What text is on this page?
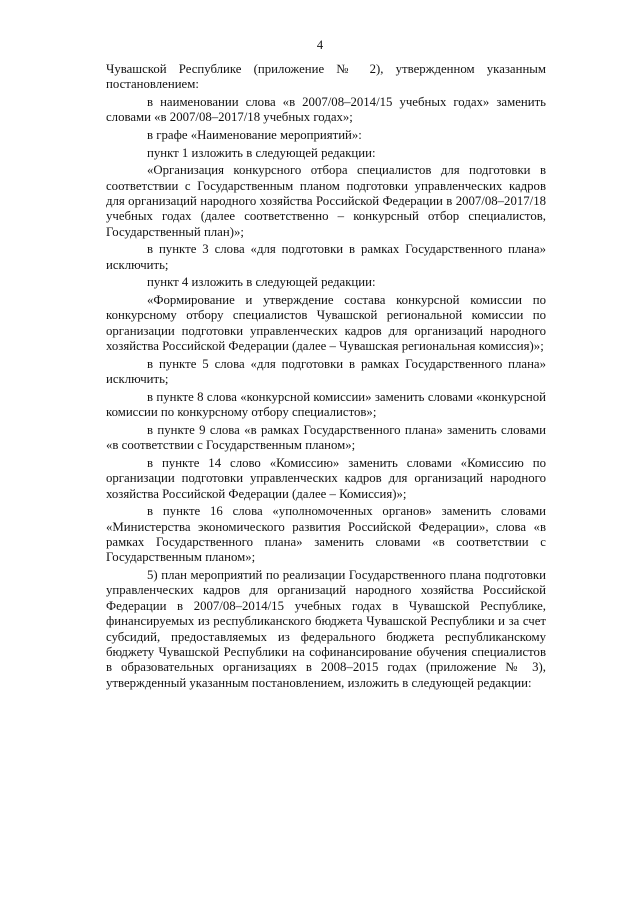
4

Чувашской Республике (приложение № 2), утвержденном указанным постановлением:

в наименовании слова «в 2007/08–2014/15 учебных годах» заменить словами «в 2007/08–2017/18 учебных годах»;

в графе «Наименование мероприятий»:

пункт 1 изложить в следующей редакции:

«Организация конкурсного отбора специалистов для подготовки в соответствии с Государственным планом подготовки управленческих кадров для организаций народного хозяйства Российской Федерации в 2007/08–2017/18 учебных годах (далее соответственно – конкурсный отбор специалистов, Государственный план)»;

в пункте 3 слова «для подготовки в рамках Государственного плана» исключить;

пункт 4 изложить в следующей редакции:

«Формирование и утверждение состава конкурсной комиссии по конкурсному отбору специалистов Чувашской региональной комиссии по организации подготовки управленческих кадров для организаций народного хозяйства Российской Федерации (далее – Чувашская региональная комиссия)»;

в пункте 5 слова «для подготовки в рамках Государственного плана» исключить;

в пункте 8 слова «конкурсной комиссии» заменить словами «конкурсной комиссии по конкурсному отбору специалистов»;

в пункте 9 слова «в рамках Государственного плана» заменить словами «в соответствии с Государственным планом»;

в пункте 14 слово «Комиссию» заменить словами «Комиссию по организации подготовки управленческих кадров для организаций народного хозяйства Российской Федерации (далее – Комиссия)»;

в пункте 16 слова «уполномоченных органов» заменить словами «Министерства экономического развития Российской Федерации», слова «в рамках Государственного плана» заменить словами «в соответствии с Государственным планом»;

5) план мероприятий по реализации Государственного плана подготовки управленческих кадров для организаций народного хозяйства Российской Федерации в 2007/08–2014/15 учебных годах в Чувашской Республике, финансируемых из республиканского бюджета Чувашской Республики и за счет субсидий, предоставляемых из федерального бюджета республиканскому бюджету Чувашской Республики на софинансирование обучения специалистов в образовательных организациях в 2008–2015 годах (приложение № 3), утвержденный указанным постановлением, изложить в следующей редакции:
